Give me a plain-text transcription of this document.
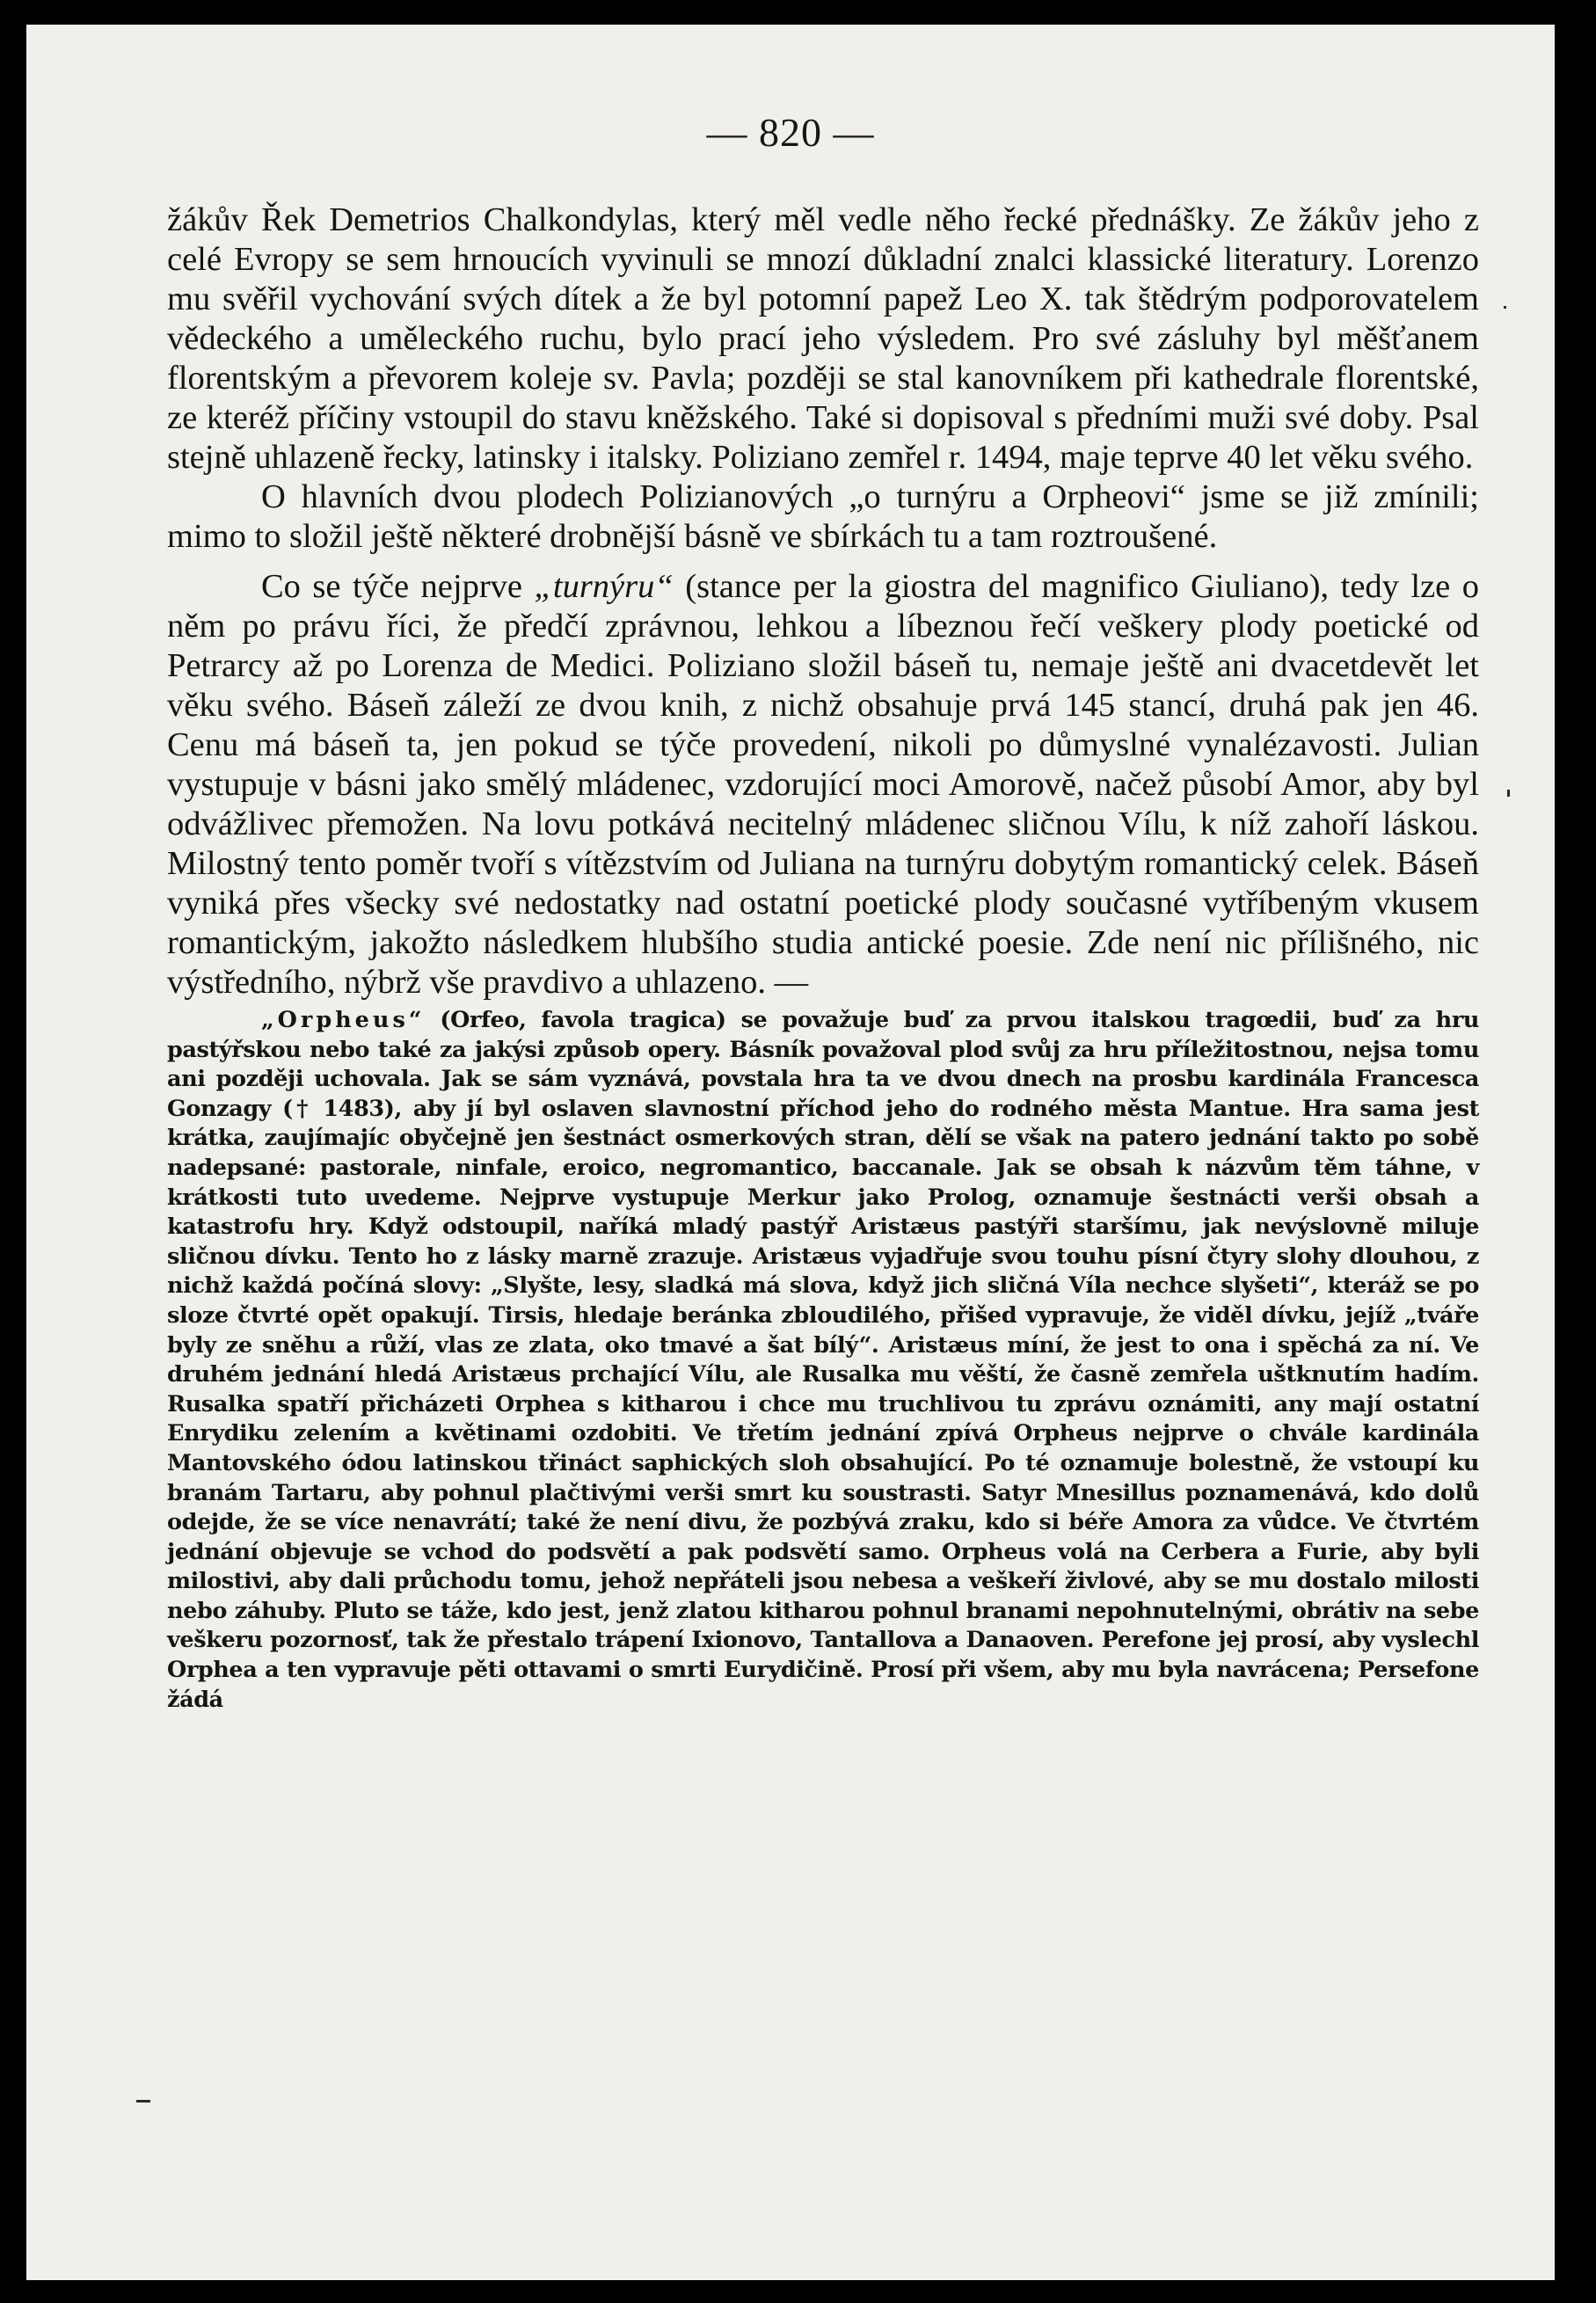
— 820 —

žákův Řek Demetrios Chalkondylas, který měl vedle něho řecké přednášky. Ze žákův jeho z celé Evropy se sem hrnoucích vyvinuli se mnozí důkladní znalci klassické literatury. Lorenzo mu svěřil vychování svých dítek a že byl potomní papež Leo X. tak štědrým podporovatelem vědeckého a uměleckého ruchu, bylo prací jeho výsledem. Pro své zásluhy byl měšťanem florentským a převorem koleje sv. Pavla; později se stal kanovníkem při kathedrale florentské, ze kteréž příčiny vstoupil do stavu kněžského. Také si dopisoval s předními muži své doby. Psal stejně uhlazeně řecky, latinsky i italsky. Poliziano zemřel r. 1494, maje teprve 40 let věku svého.

O hlavních dvou plodech Polizianových „o turnýru a Orpheovi“ jsme se již zmínili; mimo to složil ještě některé drobnější básně ve sbírkách tu a tam roztroušené.

Co se týče nejprve „turnýru“ (stance per la giostra del magnifico Giuliano), tedy lze o něm po právu říci, že předčí zprávnou, lehkou a líbeznou řečí veškery plody poetické od Petrarcy až po Lorenza de Medici. Poliziano složil báseň tu, nemaje ještě ani dvacetdevět let věku svého. Báseň záleží ze dvou knih, z nichž obsahuje prvá 145 stancí, druhá pak jen 46. Cenu má báseň ta, jen pokud se týče provedení, nikoli po důmyslné vynalézavosti. Julian vystupuje v básni jako smělý mládenec, vzdorující moci Amorově, načež působí Amor, aby byl odvážlivec přemožen. Na lovu potkává necitelný mládenec sličnou Vílu, k níž zahoří láskou. Milostný tento poměr tvoří s vítězstvím od Juliana na turnýru dobytým romantický celek. Báseň vyniká přes všecky své nedostatky nad ostatní poetické plody současné vytříbeným vkusem romantickým, jakožto následkem hlubšího studia antické poesie. Zde není nic přílišného, nic výstředního, nýbrž vše pravdivo a uhlazeno. —

„Orpheus“ (Orfeo, favola tragica) se považuje buď za prvou italskou tragœdii, buď za hru pastýřskou nebo také za jakýsi způsob opery. Básník považoval plod svůj za hru příležitostnou, nejsa tomu ani později uchovala. Jak se sám vyznává, povstala hra ta ve dvou dnech na prosbu kardinála Francesca Gonzagy († 1483), aby jí byl oslaven slavnostní příchod jeho do rodného města Mantue. Hra sama jest krátka, zaujímajíc obyčejně jen šestnáct osmerkových stran, dělí se však na patero jednání takto po sobě nadepsané: pastorale, ninfale, eroico, negromantico, baccanale. Jak se obsah k názvům těm táhne, v krátkosti tuto uvedeme. Nejprve vystupuje Merkur jako Prolog, oznamuje šestnácti verši obsah a katastrofu hry. Když odstoupil, naříká mladý pastýř Aristæus pastýři staršímu, jak nevýslovně miluje sličnou dívku. Tento ho z lásky marně zrazuje. Aristæus vyjadřuje svou touhu písní čtyry slohy dlouhou, z nichž každá počíná slovy: „Slyšte, lesy, sladká má slova, když jich sličná Víla nechce slyšeti“, kteráž se po sloze čtvrté opět opakují. Tirsis, hledaje beránka zbloudilého, přišed vypravuje, že viděl dívku, jejíž „tváře byly ze sněhu a růží, vlas ze zlata, oko tmavé a šat bílý“. Aristæus míní, že jest to ona i spěchá za ní. Ve druhém jednání hledá Aristæus prchající Vílu, ale Rusalka mu věští, že časně zemřela uštknutím hadím. Rusalka spatří přicházeti Orphea s kitharou i chce mu truchlivou tu zprávu oznámiti, any mají ostatní Enrydiku zelením a květinami ozdobiti. Ve třetím jednání zpívá Orpheus nejprve o chvále kardinála Mantovského ódou latinskou třináct saphických sloh obsahující. Po té oznamuje bolestně, že vstoupí ku branám Tartaru, aby pohnul plačtivými verši smrt ku soustrasti. Satyr Mnesillus poznamenává, kdo dolů odejde, že se více nenavrátí; také že není divu, že pozbývá zraku, kdo si béře Amora za vůdce. Ve čtvrtém jednání objevuje se vchod do podsvětí a pak podsvětí samo. Orpheus volá na Cerbera a Furie, aby byli milostivi, aby dali průchodu tomu, jehož nepřáteli jsou nebesa a veškeří živlové, aby se mu dostalo milosti nebo záhuby. Pluto se táže, kdo jest, jenž zlatou kitharou pohnul branami nepohnutelnými, obrátiv na sebe veškeru pozornosť, tak že přestalo trápení Ixionovo, Tantallova a Danaoven. Perefone jej prosí, aby vyslechl Orphea a ten vypravuje pěti ottavami o smrti Eurydičině. Prosí při všem, aby mu byla navrácena; Persefone žádá
